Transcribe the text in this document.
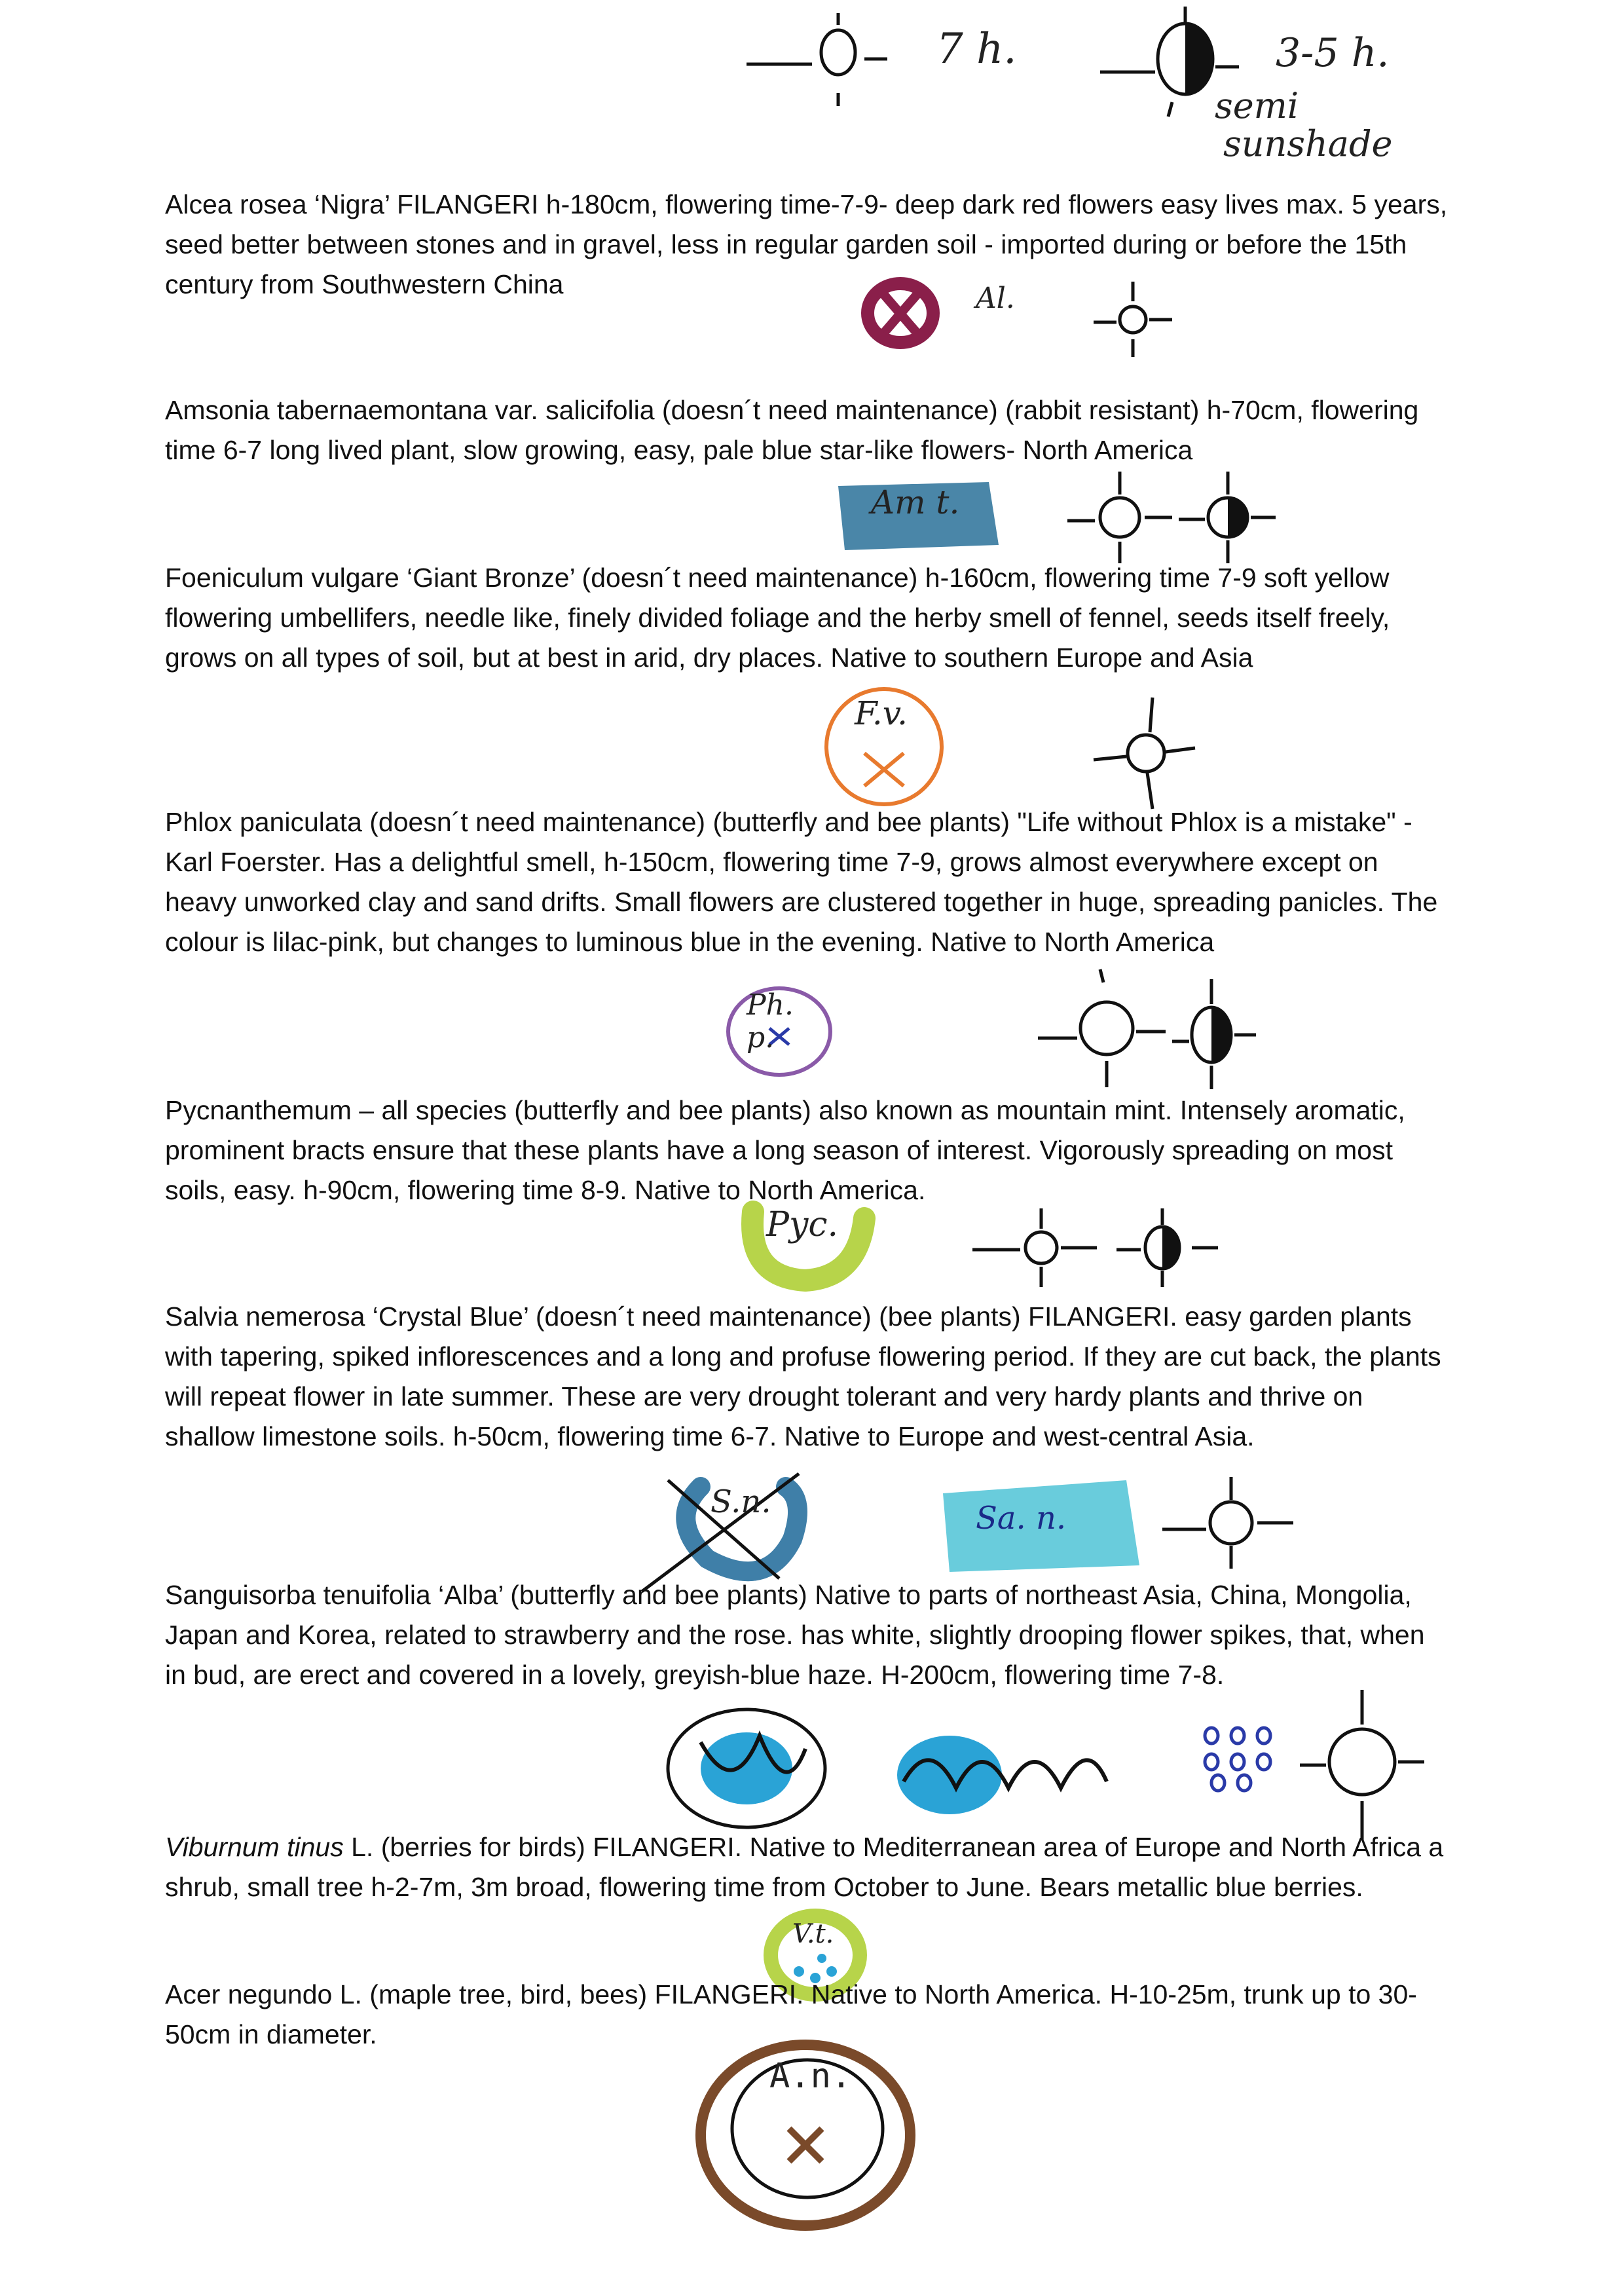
7 h.	3-5 h.
semi
sunshade

Alcea rosea ‘Nigra’ FILANGERI h-180cm, flowering time-7-9- deep dark red flowers easy lives max. 5 years, seed better between stones and in gravel, less in regular garden soil - imported during or before the 15th century from Southwestern China	Al.

Amsonia tabernaemontana var. salicifolia (doesn´t need maintenance) (rabbit resistant) h-70cm, flowering time 6-7 long lived plant, slow growing, easy, pale blue star-like flowers- North America

Am t.

Foeniculum vulgare ‘Giant Bronze’ (doesn´t need maintenance) h-160cm, flowering time 7-9 soft yellow flowering umbellifers, needle like, finely divided foliage and the herby smell of fennel, seeds itself freely, grows on all types of soil, but at best in arid, dry places. Native to southern Europe and Asia

F.v.

Phlox paniculata (doesn´t need maintenance) (butterfly and bee plants) "Life without Phlox is a mistake" - Karl Foerster. Has a delightful smell, h-150cm, flowering time 7-9, grows almost everywhere except on heavy unworked clay and sand drifts. Small flowers are clustered together in huge, spreading panicles. The colour is lilac-pink, but changes to luminous blue in the evening. Native to North America

Ph. p.

Pycnanthemum – all species (butterfly and bee plants) also known as mountain mint. Intensely aromatic, prominent bracts ensure that these plants have a long season of interest. Vigorously spreading on most soils, easy. h-90cm, flowering time 8-9. Native to North America.

Pyc.

Salvia nemerosa ‘Crystal Blue’ (doesn´t need maintenance) (bee plants) FILANGERI. easy garden plants with tapering, spiked inflorescences and a long and profuse flowering period. If they are cut back, the plants will repeat flower in late summer. These are very drought tolerant and very hardy plants and thrive on shallow limestone soils. h-50cm, flowering time 6-7. Native to Europe and west-central Asia.

S.n.	Sa. n.

Sanguisorba tenuifolia ‘Alba’ (butterfly and bee plants) Native to parts of northeast Asia, China, Mongolia, Japan and Korea, related to strawberry and the rose. has white, slightly drooping flower spikes, that, when in bud, are erect and covered in a lovely, greyish-blue haze. H-200cm, flowering time 7-8.

Viburnum tinus L. (berries for birds) FILANGERI. Native to Mediterranean area of Europe and North Africa a shrub, small tree h-2-7m, 3m broad, flowering time from October to June. Bears metallic blue berries.

V.t.

Acer negundo L. (maple tree, bird, bees) FILANGERI. Native to North America. H-10-25m, trunk up to 30-50cm in diameter.

A.n.
